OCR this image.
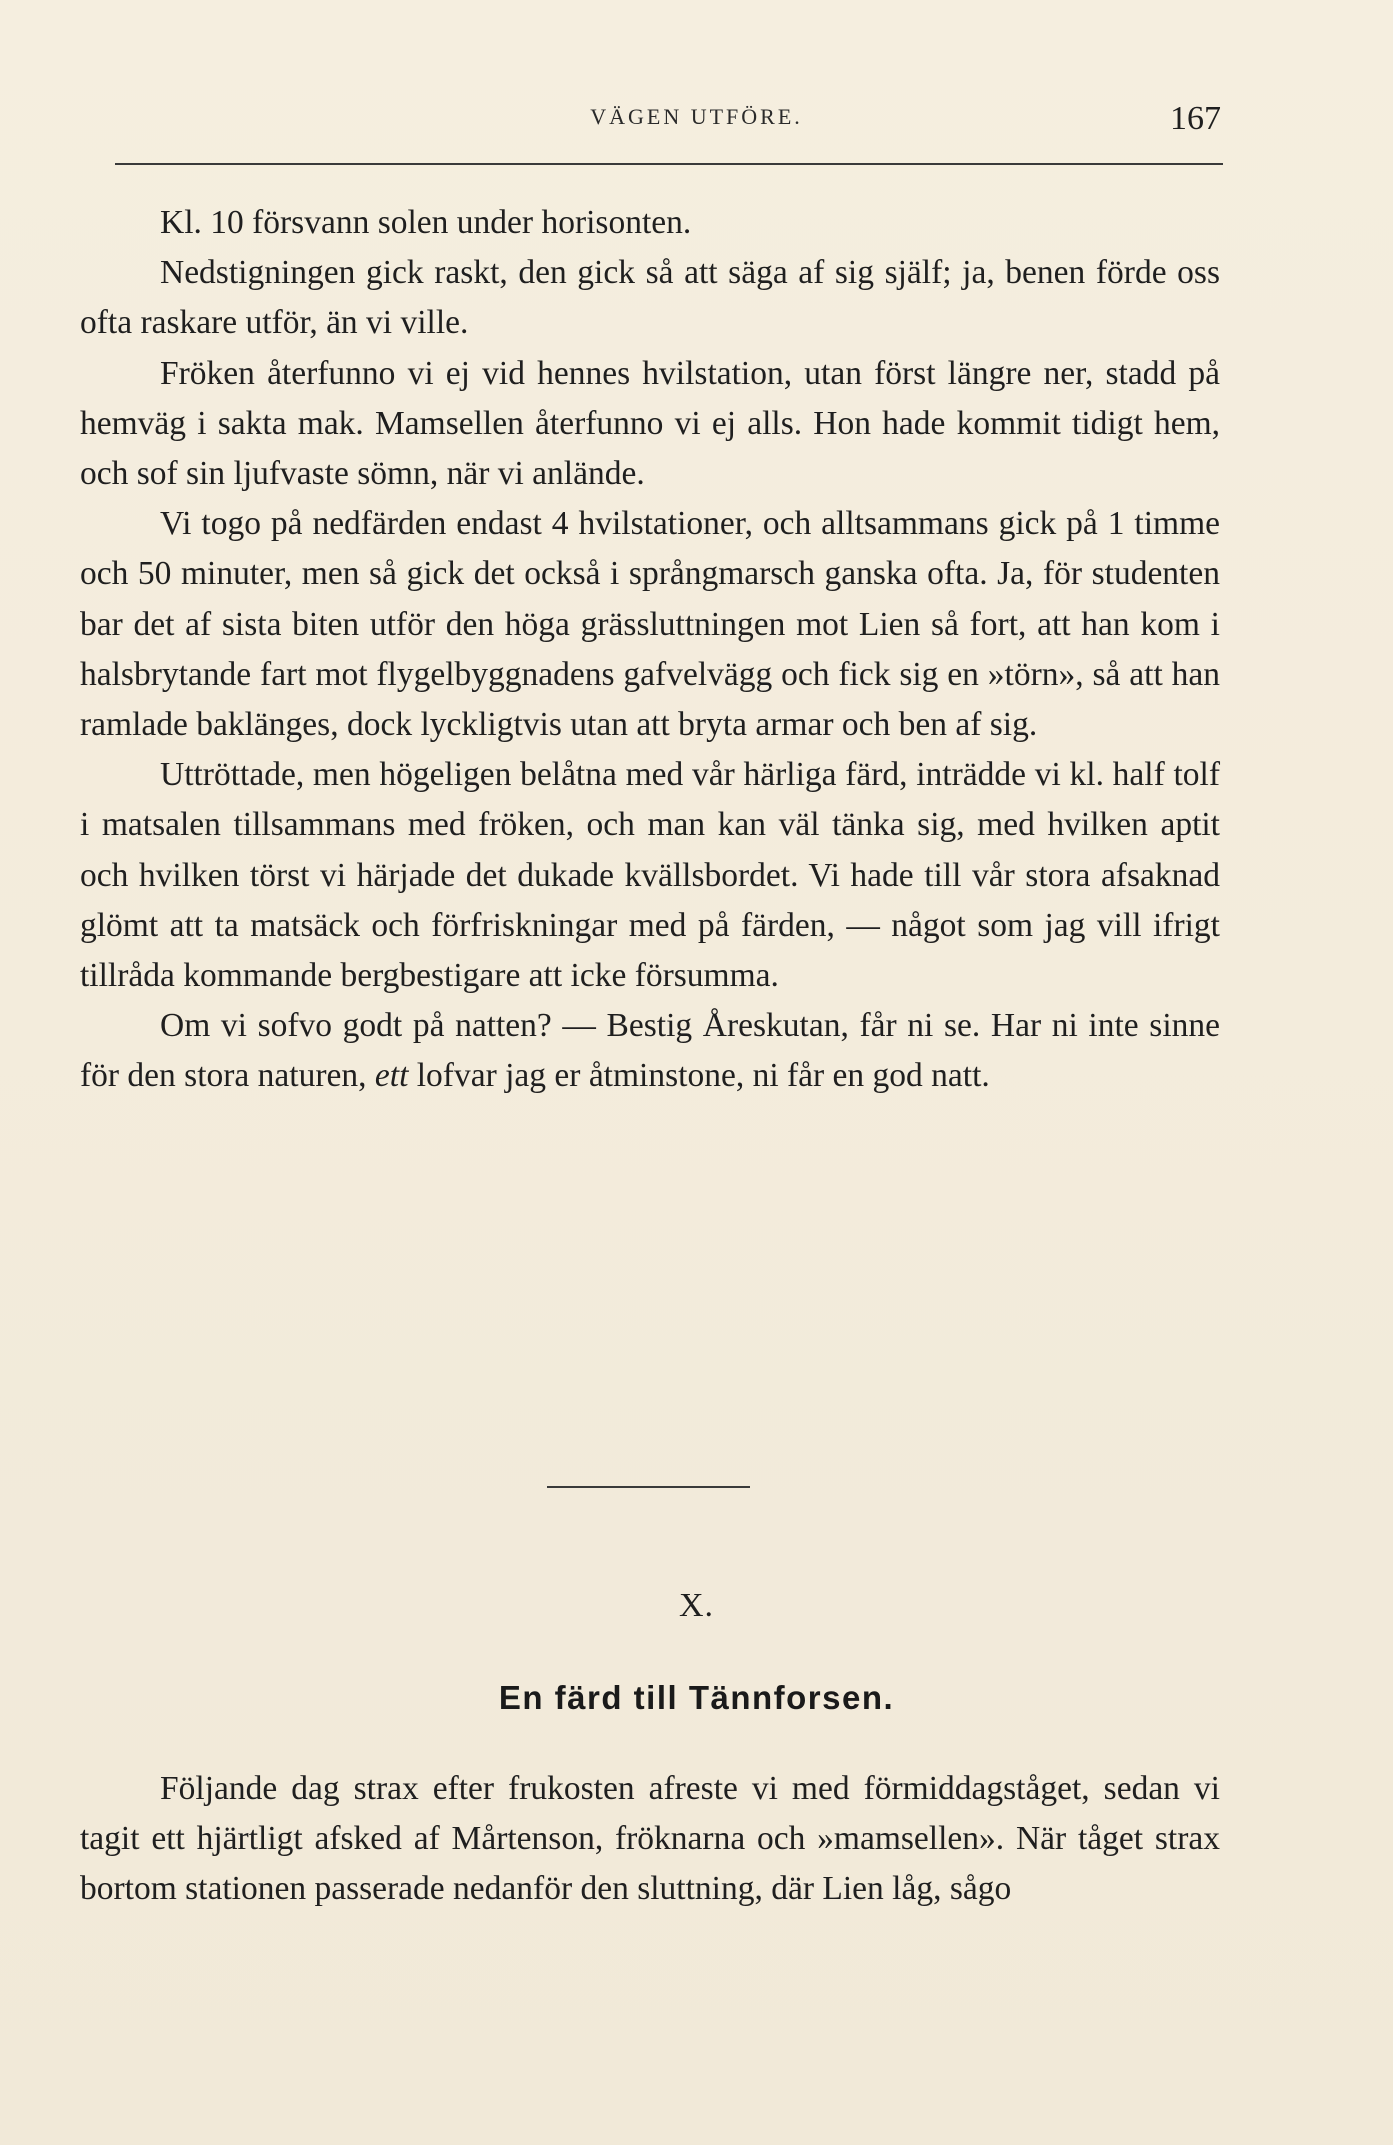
VÄGEN UTFÖRE.	167

Kl. 10 försvann solen under horisonten.

Nedstigningen gick raskt, den gick så att säga af sig själf; ja, benen förde oss ofta raskare utför, än vi ville.

Fröken återfunno vi ej vid hennes hvilstation, utan först längre ner, stadd på hemväg i sakta mak. Mamsellen återfunno vi ej alls. Hon hade kommit tidigt hem, och sof sin ljufvaste sömn, när vi anlände.

Vi togo på nedfärden endast 4 hvilstationer, och alltsammans gick på 1 timme och 50 minuter, men så gick det också i språngmarsch ganska ofta. Ja, för studenten bar det af sista biten utför den höga grässluttningen mot Lien så fort, att han kom i halsbrytande fart mot flygelbyggnadens gafvelvägg och fick sig en »törn», så att han ramlade baklänges, dock lyckligtvis utan att bryta armar och ben af sig.

Uttröttade, men högeligen belåtna med vår härliga färd, inträdde vi kl. half tolf i matsalen tillsammans med fröken, och man kan väl tänka sig, med hvilken aptit och hvilken törst vi härjade det dukade kvällsbordet. Vi hade till vår stora afsaknad glömt att ta matsäck och förfriskningar med på färden, — något som jag vill ifrigt tillråda kommande bergbestigare att icke försumma.

Om vi sofvo godt på natten? — Bestig Åreskutan, får ni se. Har ni inte sinne för den stora naturen, ett lofvar jag er åtminstone, ni får en god natt.

X.
En färd till Tännforsen.

Följande dag strax efter frukosten afreste vi med förmiddagståget, sedan vi tagit ett hjärtligt afsked af Mårtenson, fröknarna och »mamsellen». När tåget strax bortom stationen passerade nedanför den sluttning, där Lien låg, sågo
